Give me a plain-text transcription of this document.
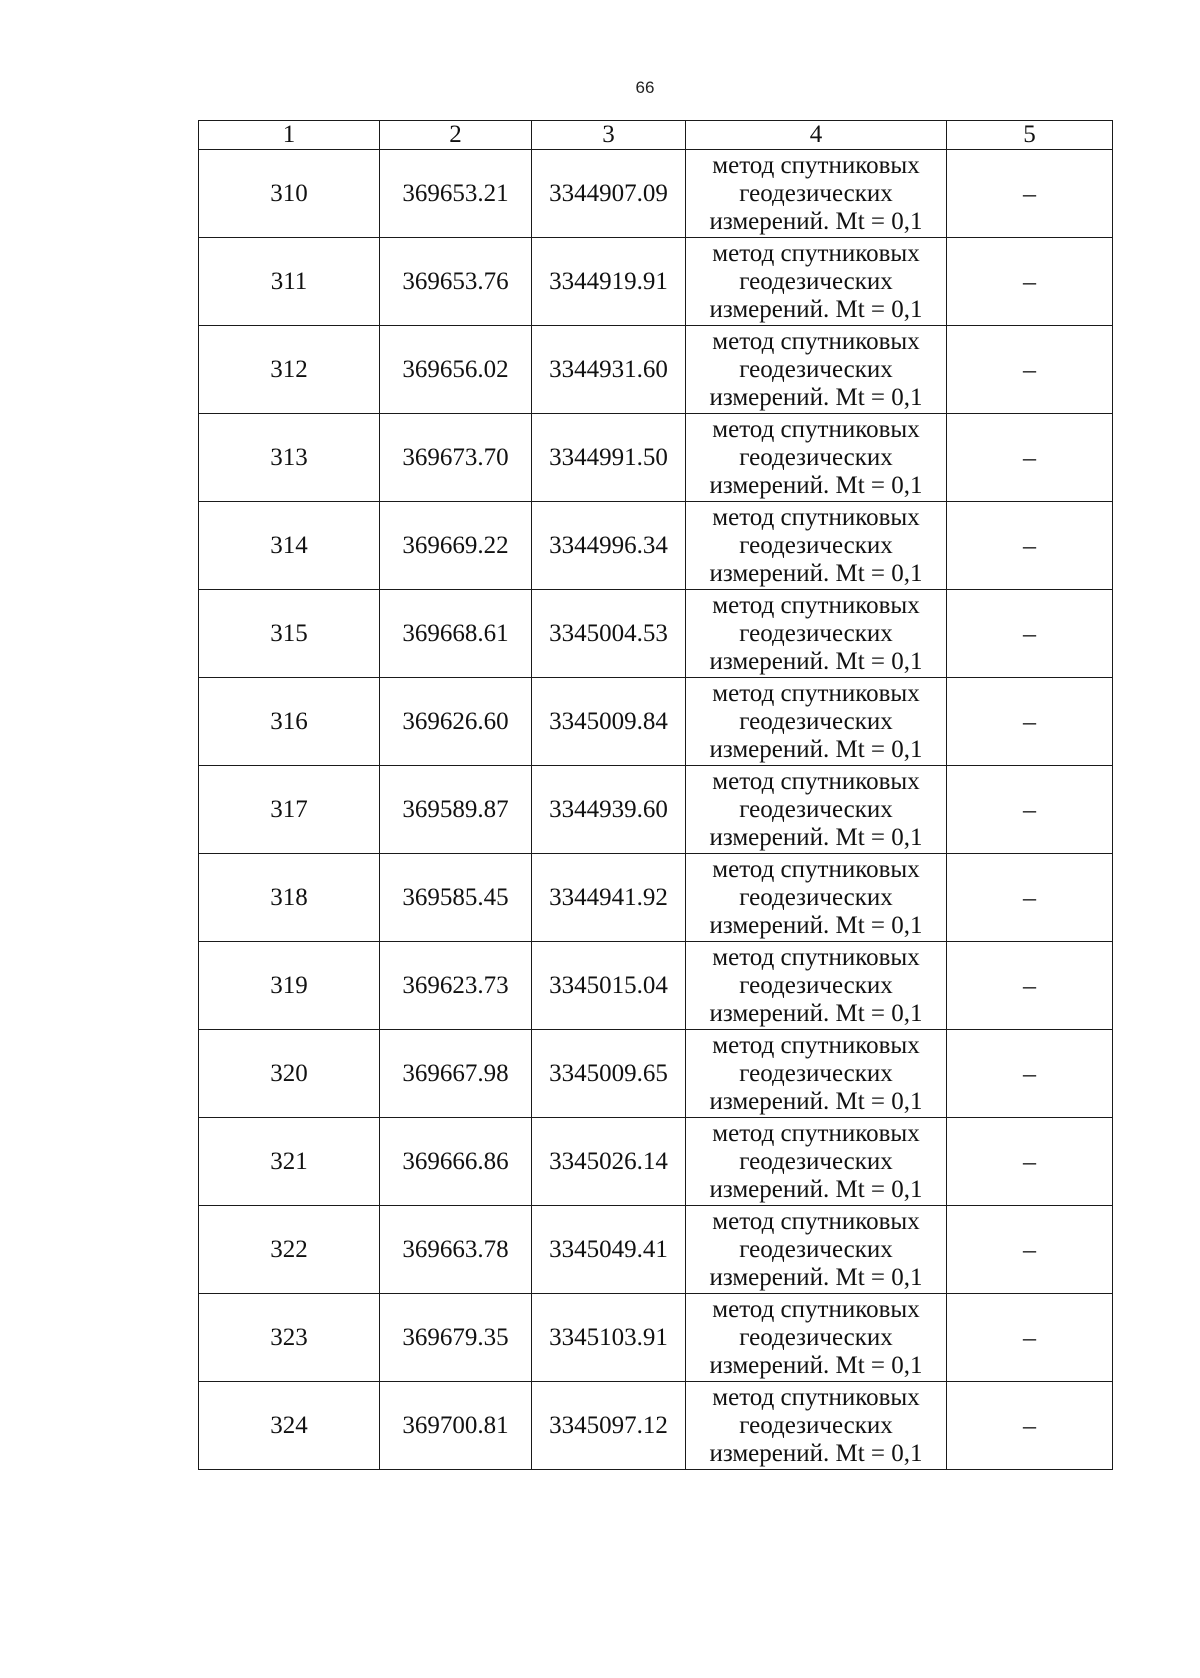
66
1	2	3	4	5
310	369653.21	3344907.09	метод спутниковых
геодезических
измерений. Mt = 0,1	–
311	369653.76	3344919.91	метод спутниковых
геодезических
измерений. Mt = 0,1	–
312	369656.02	3344931.60	метод спутниковых
геодезических
измерений. Mt = 0,1	–
313	369673.70	3344991.50	метод спутниковых
геодезических
измерений. Mt = 0,1	–
314	369669.22	3344996.34	метод спутниковых
геодезических
измерений. Mt = 0,1	–
315	369668.61	3345004.53	метод спутниковых
геодезических
измерений. Mt = 0,1	–
316	369626.60	3345009.84	метод спутниковых
геодезических
измерений. Mt = 0,1	–
317	369589.87	3344939.60	метод спутниковых
геодезических
измерений. Mt = 0,1	–
318	369585.45	3344941.92	метод спутниковых
геодезических
измерений. Mt = 0,1	–
319	369623.73	3345015.04	метод спутниковых
геодезических
измерений. Mt = 0,1	–
320	369667.98	3345009.65	метод спутниковых
геодезических
измерений. Mt = 0,1	–
321	369666.86	3345026.14	метод спутниковых
геодезических
измерений. Mt = 0,1	–
322	369663.78	3345049.41	метод спутниковых
геодезических
измерений. Mt = 0,1	–
323	369679.35	3345103.91	метод спутниковых
геодезических
измерений. Mt = 0,1	–
324	369700.81	3345097.12	метод спутниковых
геодезических
измерений. Mt = 0,1	–
